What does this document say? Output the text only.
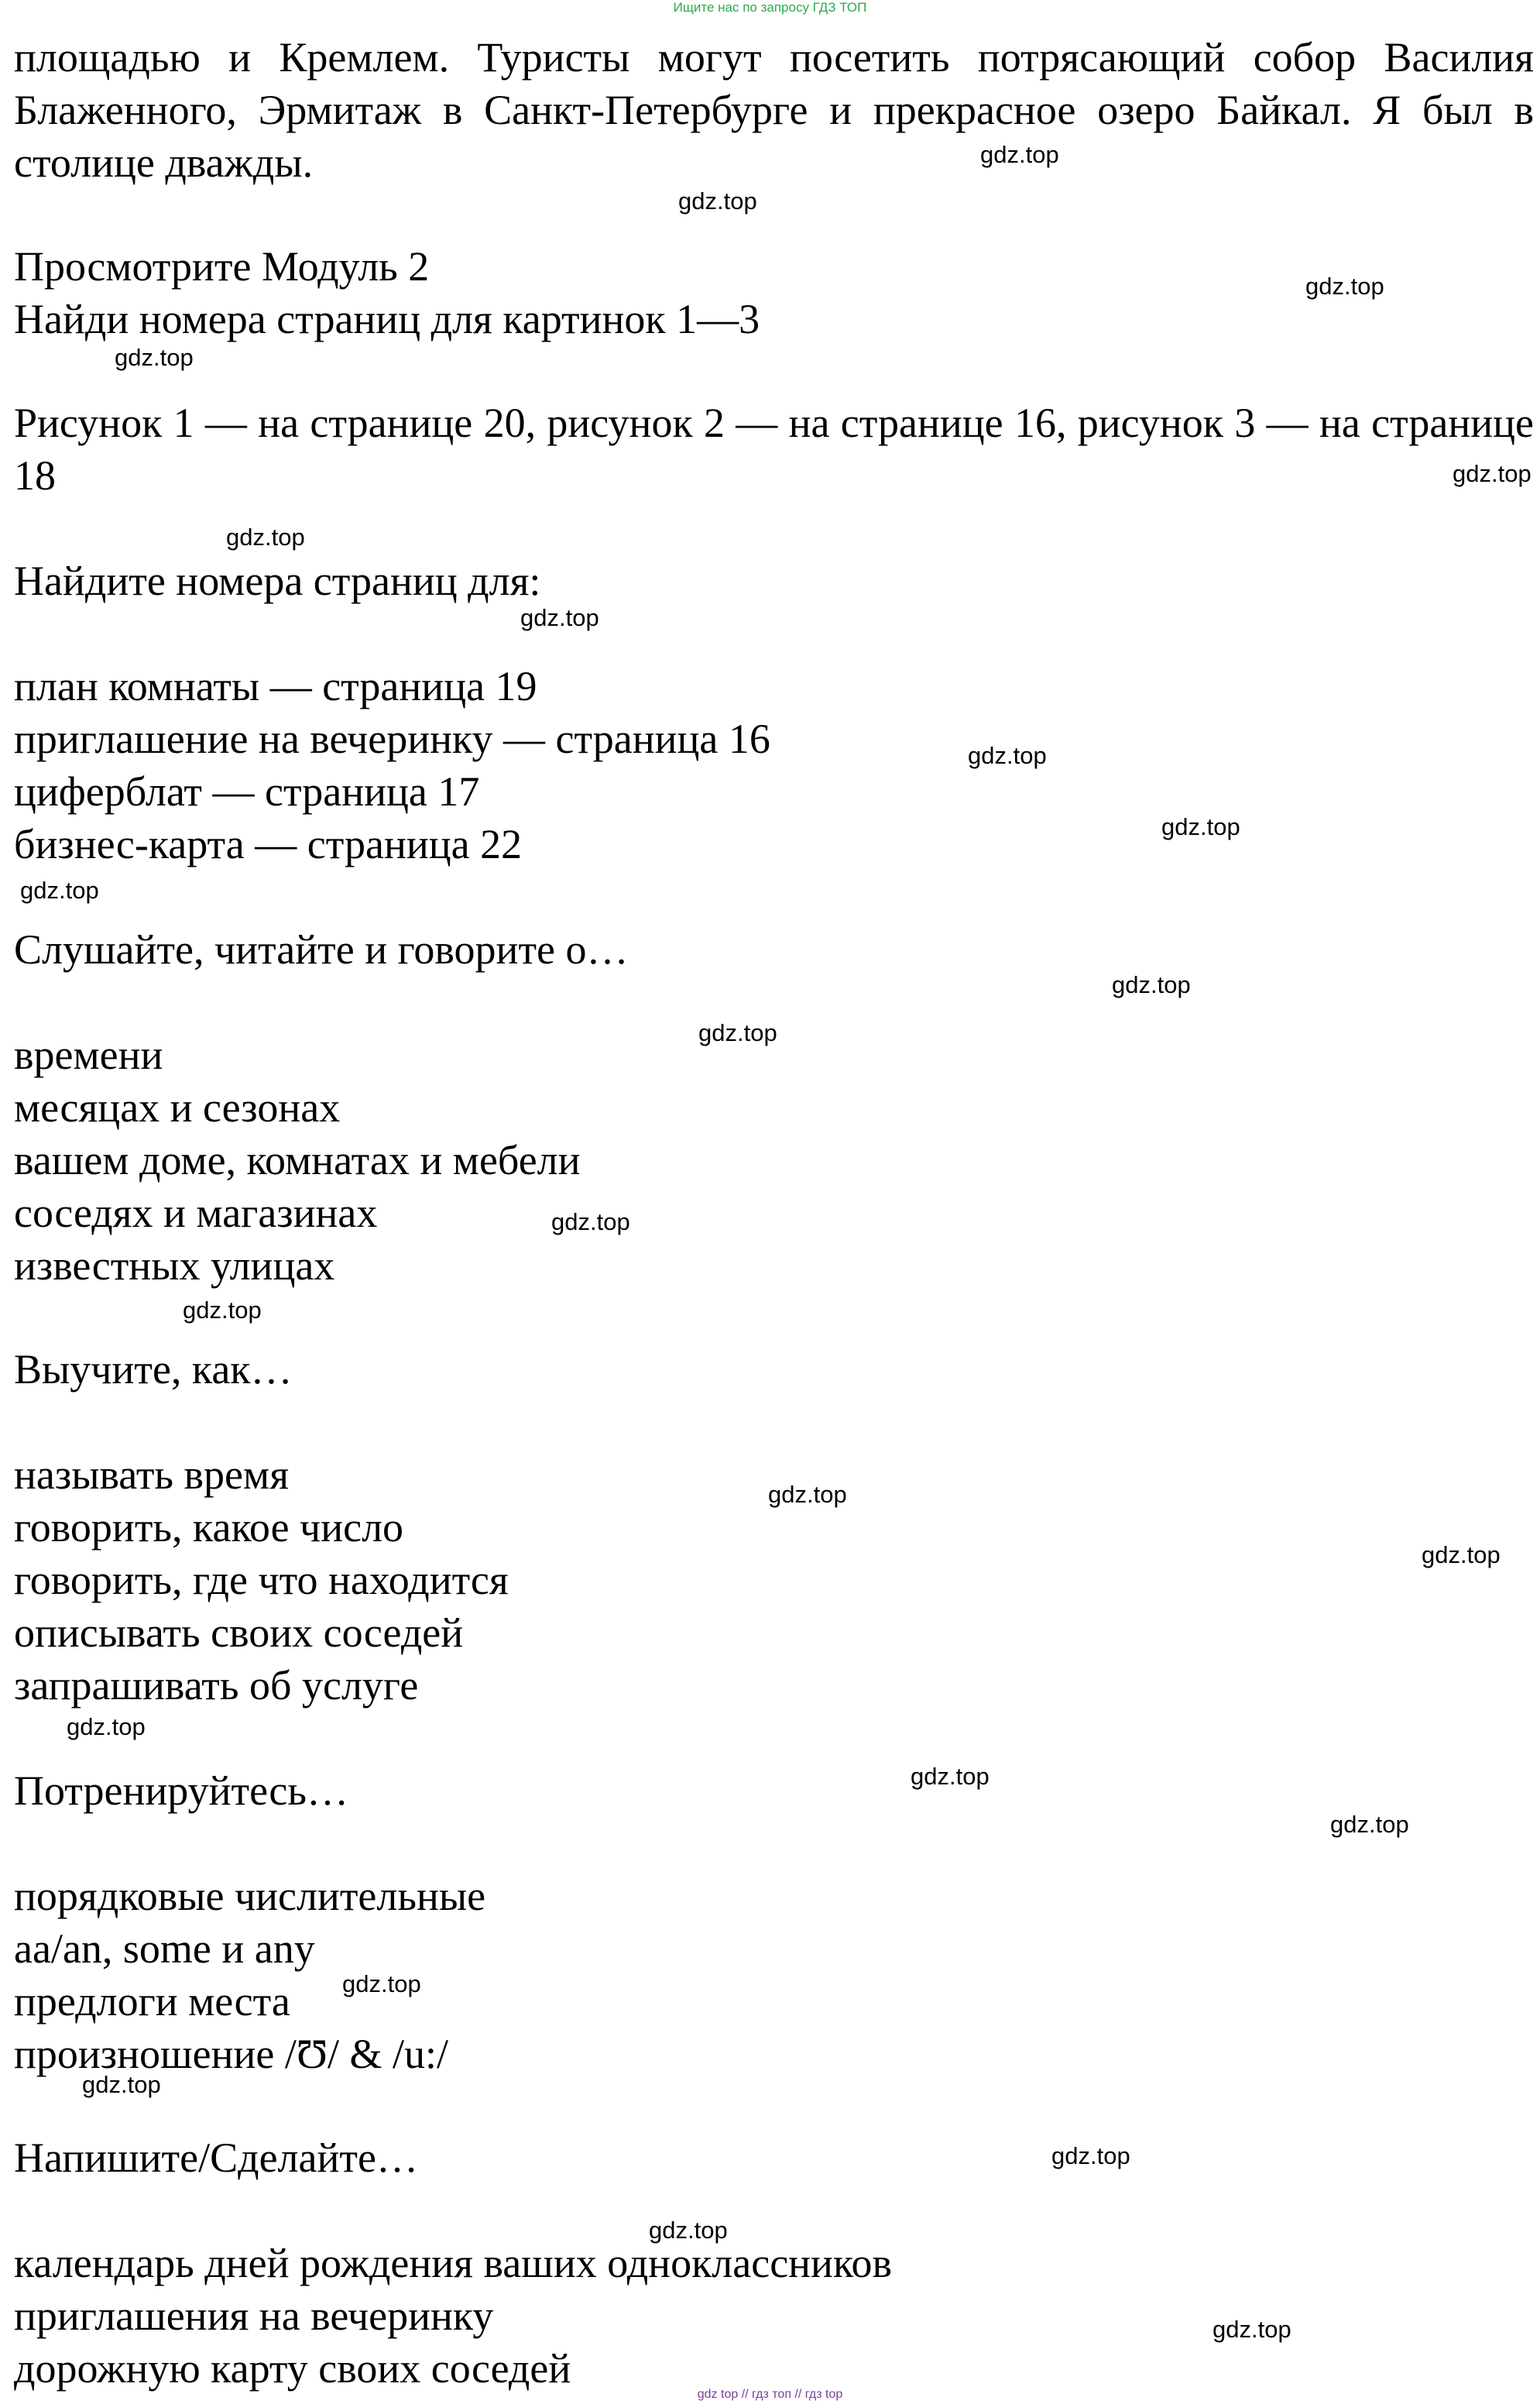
Ищите нас по запросу ГДЗ ТОП
площадью и Кремлем. Туристы могут посетить потрясающий собор Василия Блаженного, Эрмитаж в Санкт-Петербурге и прекрасное озеро Байкал. Я был в столице дважды.
Просмотрите Модуль 2
Найди номера страниц для картинок 1—3
Рисунок 1 — на странице 20, рисунок 2 — на странице 16, рисунок 3 — на странице 18
Найдите номера страниц для:
план комнаты — страница 19
приглашение на вечеринку — страница 16
циферблат — страница 17
бизнес-карта — страница 22
Слушайте, читайте и говорите о…
времени
месяцах и сезонах
вашем доме, комнатах и мебели
соседях и магазинах
известных улицах
Выучите, как…
называть время
говорить, какое число
говорить, где что находится
описывать своих соседей
запрашивать об услуге
Потренируйтесь…
порядковые числительные
aa/an, some и any
предлоги места
произношение /Ʊ/ & /u:/
Напишите/Сделайте…
календарь дней рождения ваших одноклассников
приглашения на вечеринку
дорожную карту своих соседей
gdz.top
gdz.top
gdz.top
gdz.top
gdz.top
gdz.top
gdz.top
gdz.top
gdz.top
gdz.top
gdz.top
gdz.top
gdz.top
gdz.top
gdz.top
gdz.top
gdz.top
gdz.top
gdz.top
gdz.top
gdz.top
gdz.top
gdz.top
gdz.top
gdz top // гдз топ // гдз top
